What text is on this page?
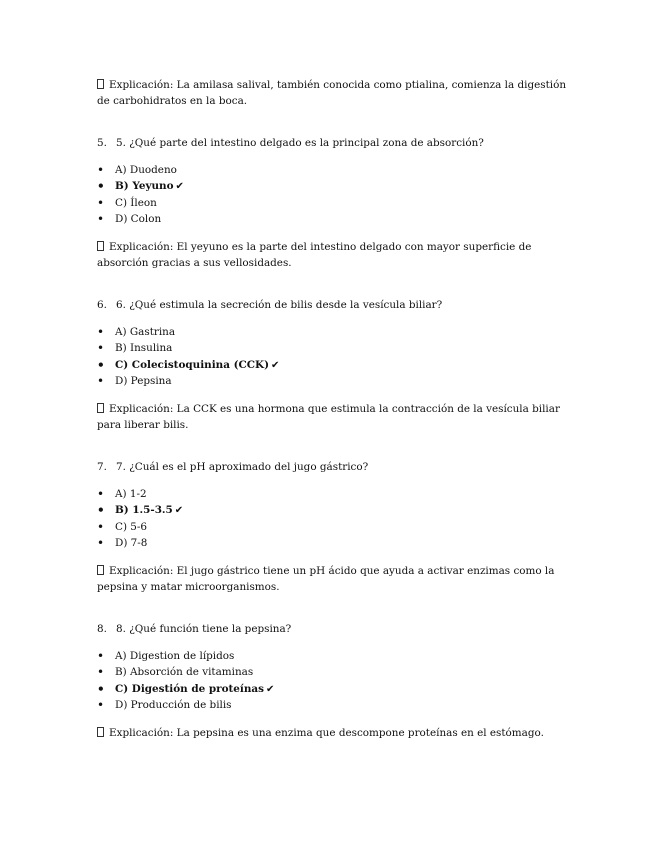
Explicación: La amilasa salival, también conocida como ptialina, comienza la digestión de carbohidratos en la boca.
5. 5. ¿Qué parte del intestino delgado es la principal zona de absorción?
• A) Duodeno
• B) Yeyuno ✔
• C) Íleon
• D) Colon
Explicación: El yeyuno es la parte del intestino delgado con mayor superficie de absorción gracias a sus vellosidades.
6. 6. ¿Qué estimula la secreción de bilis desde la vesícula biliar?
• A) Gastrina
• B) Insulina
• C) Colecistoquinina (CCK) ✔
• D) Pepsina
Explicación: La CCK es una hormona que estimula la contracción de la vesícula biliar para liberar bilis.
7. 7. ¿Cuál es el pH aproximado del jugo gástrico?
• A) 1-2
• B) 1.5-3.5 ✔
• C) 5-6
• D) 7-8
Explicación: El jugo gástrico tiene un pH ácido que ayuda a activar enzimas como la pepsina y matar microorganismos.
8. 8. ¿Qué función tiene la pepsina?
• A) Digestion de lípidos
• B) Absorción de vitaminas
• C) Digestión de proteínas ✔
• D) Producción de bilis
Explicación: La pepsina es una enzima que descompone proteínas en el estómago.
